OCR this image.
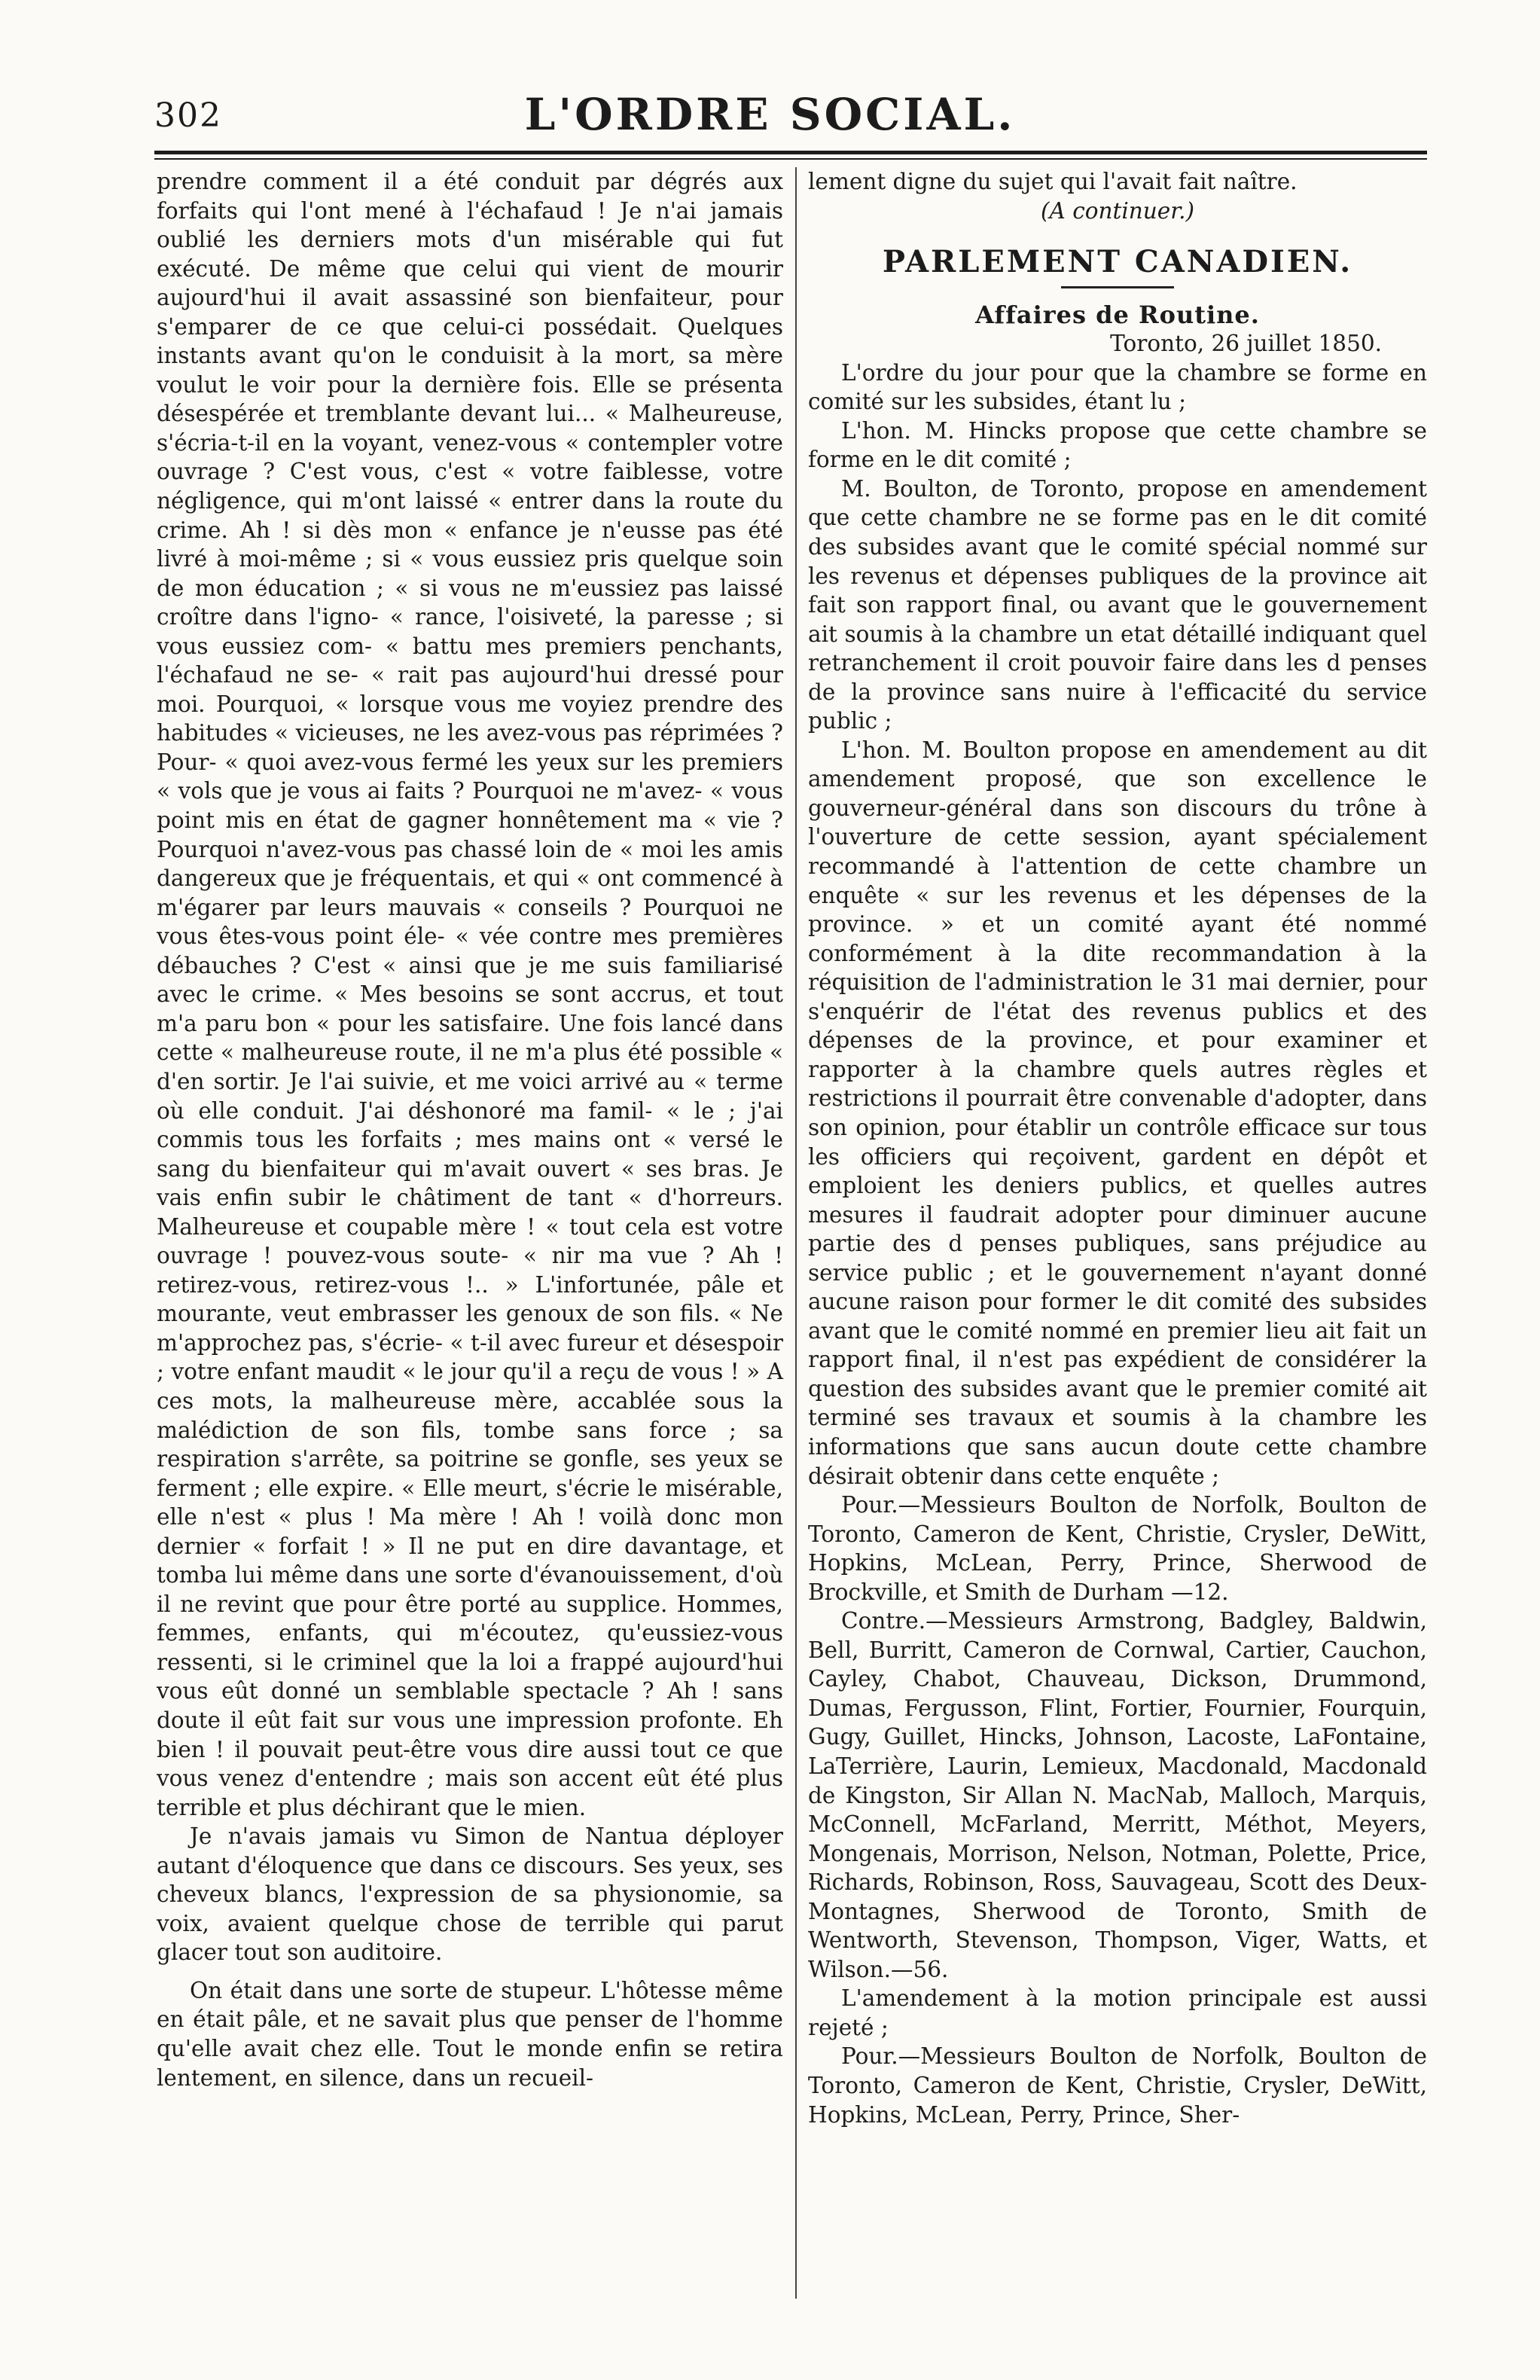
302	L'ORDRE SOCIAL.

prendre comment il a été conduit par dégrés aux forfaits qui l'ont mené à l'échafaud ! Je n'ai jamais oublié les derniers mots d'un misérable qui fut exécuté. De même que celui qui vient de mourir aujourd'hui il avait assassiné son bienfaiteur, pour s'emparer de ce que celui-ci possédait. Quelques instants avant qu'on le conduisit à la mort, sa mère voulut le voir pour la dernière fois. Elle se présenta désespérée et tremblante devant lui... « Malheureuse, s'écria-t-il en la voyant, venez-vous « contempler votre ouvrage ? C'est vous, c'est « votre faiblesse, votre négligence, qui m'ont laissé « entrer dans la route du crime. Ah ! si dès mon « enfance je n'eusse pas été livré à moi-même ; si « vous eussiez pris quelque soin de mon éducation ; « si vous ne m'eussiez pas laissé croître dans l'igno- « rance, l'oisiveté, la paresse ; si vous eussiez com- « battu mes premiers penchants, l'échafaud ne se- « rait pas aujourd'hui dressé pour moi. Pourquoi, « lorsque vous me voyiez prendre des habitudes « vicieuses, ne les avez-vous pas réprimées ? Pour- « quoi avez-vous fermé les yeux sur les premiers « vols que je vous ai faits ? Pourquoi ne m'avez- « vous point mis en état de gagner honnêtement ma « vie ? Pourquoi n'avez-vous pas chassé loin de « moi les amis dangereux que je fréquentais, et qui « ont commencé à m'égarer par leurs mauvais « conseils ? Pourquoi ne vous êtes-vous point éle- « vée contre mes premières débauches ? C'est « ainsi que je me suis familiarisé avec le crime. « Mes besoins se sont accrus, et tout m'a paru bon « pour les satisfaire. Une fois lancé dans cette « malheureuse route, il ne m'a plus été possible « d'en sortir. Je l'ai suivie, et me voici arrivé au « terme où elle conduit. J'ai déshonoré ma famil- « le ; j'ai commis tous les forfaits ; mes mains ont « versé le sang du bienfaiteur qui m'avait ouvert « ses bras. Je vais enfin subir le châtiment de tant « d'horreurs. Malheureuse et coupable mère ! « tout cela est votre ouvrage ! pouvez-vous soute- « nir ma vue ? Ah ! retirez-vous, retirez-vous !.. » L'infortunée, pâle et mourante, veut embrasser les genoux de son fils. « Ne m'approchez pas, s'écrie- « t-il avec fureur et désespoir ; votre enfant maudit « le jour qu'il a reçu de vous ! » A ces mots, la malheureuse mère, accablée sous la malédiction de son fils, tombe sans force ; sa respiration s'arrête, sa poitrine se gonfle, ses yeux se ferment ; elle expire. « Elle meurt, s'écrie le misérable, elle n'est « plus ! Ma mère ! Ah ! voilà donc mon dernier « forfait ! » Il ne put en dire davantage, et tomba lui même dans une sorte d'évanouissement, d'où il ne revint que pour être porté au supplice. Hommes, femmes, enfants, qui m'écoutez, qu'eussiez-vous ressenti, si le criminel que la loi a frappé aujourd'hui vous eût donné un semblable spectacle ? Ah ! sans doute il eût fait sur vous une impression profonte. Eh bien ! il pouvait peut-être vous dire aussi tout ce que vous venez d'entendre ; mais son accent eût été plus terrible et plus déchirant que le mien.

Je n'avais jamais vu Simon de Nantua déployer autant d'éloquence que dans ce discours. Ses yeux, ses cheveux blancs, l'expression de sa physionomie, sa voix, avaient quelque chose de terrible qui parut glacer tout son auditoire.

On était dans une sorte de stupeur. L'hôtesse même en était pâle, et ne savait plus que penser de l'homme qu'elle avait chez elle. Tout le monde enfin se retira lentement, en silence, dans un recueil-

lement digne du sujet qui l'avait fait naître.

(A continuer.)

PARLEMENT CANADIEN.
Affaires de Routine.

Toronto, 26 juillet 1850.

L'ordre du jour pour que la chambre se forme en comité sur les subsides, étant lu ;

L'hon. M. Hincks propose que cette chambre se forme en le dit comité ;

M. Boulton, de Toronto, propose en amendement que cette chambre ne se forme pas en le dit comité des subsides avant que le comité spécial nommé sur les revenus et dépenses publiques de la province ait fait son rapport final, ou avant que le gouvernement ait soumis à la chambre un etat détaillé indiquant quel retranchement il croit pouvoir faire dans les d penses de la province sans nuire à l'efficacité du service public ;

L'hon. M. Boulton propose en amendement au dit amendement proposé, que son excellence le gouverneur-général dans son discours du trône à l'ouverture de cette session, ayant spécialement recommandé à l'attention de cette chambre un enquête « sur les revenus et les dépenses de la province. » et un comité ayant été nommé conformément à la dite recommandation à la réquisition de l'administration le 31 mai dernier, pour s'enquérir de l'état des revenus publics et des dépenses de la province, et pour examiner et rapporter à la chambre quels autres règles et restrictions il pourrait être convenable d'adopter, dans son opinion, pour établir un contrôle efficace sur tous les officiers qui reçoivent, gardent en dépôt et emploient les deniers publics, et quelles autres mesures il faudrait adopter pour diminuer aucune partie des d penses publiques, sans préjudice au service public ; et le gouvernement n'ayant donné aucune raison pour former le dit comité des subsides avant que le comité nommé en premier lieu ait fait un rapport final, il n'est pas expédient de considérer la question des subsides avant que le premier comité ait terminé ses travaux et soumis à la chambre les informations que sans aucun doute cette chambre désirait obtenir dans cette enquête ;

Pour.—Messieurs Boulton de Norfolk, Boulton de Toronto, Cameron de Kent, Christie, Crysler, DeWitt, Hopkins, McLean, Perry, Prince, Sherwood de Brockville, et Smith de Durham —12.

Contre.—Messieurs Armstrong, Badgley, Baldwin, Bell, Burritt, Cameron de Cornwal, Cartier, Cauchon, Cayley, Chabot, Chauveau, Dickson, Drummond, Dumas, Fergusson, Flint, Fortier, Fournier, Fourquin, Gugy, Guillet, Hincks, Johnson, Lacoste, LaFontaine, LaTerrière, Laurin, Lemieux, Macdonald, Macdonald de Kingston, Sir Allan N. MacNab, Malloch, Marquis, McConnell, McFarland, Merritt, Méthot, Meyers, Mongenais, Morrison, Nelson, Notman, Polette, Price, Richards, Robinson, Ross, Sauvageau, Scott des Deux-Montagnes, Sherwood de Toronto, Smith de Wentworth, Stevenson, Thompson, Viger, Watts, et Wilson.—56.

L'amendement à la motion principale est aussi rejeté ;

Pour.—Messieurs Boulton de Norfolk, Boulton de Toronto, Cameron de Kent, Christie, Crysler, DeWitt, Hopkins, McLean, Perry, Prince, Sher-
